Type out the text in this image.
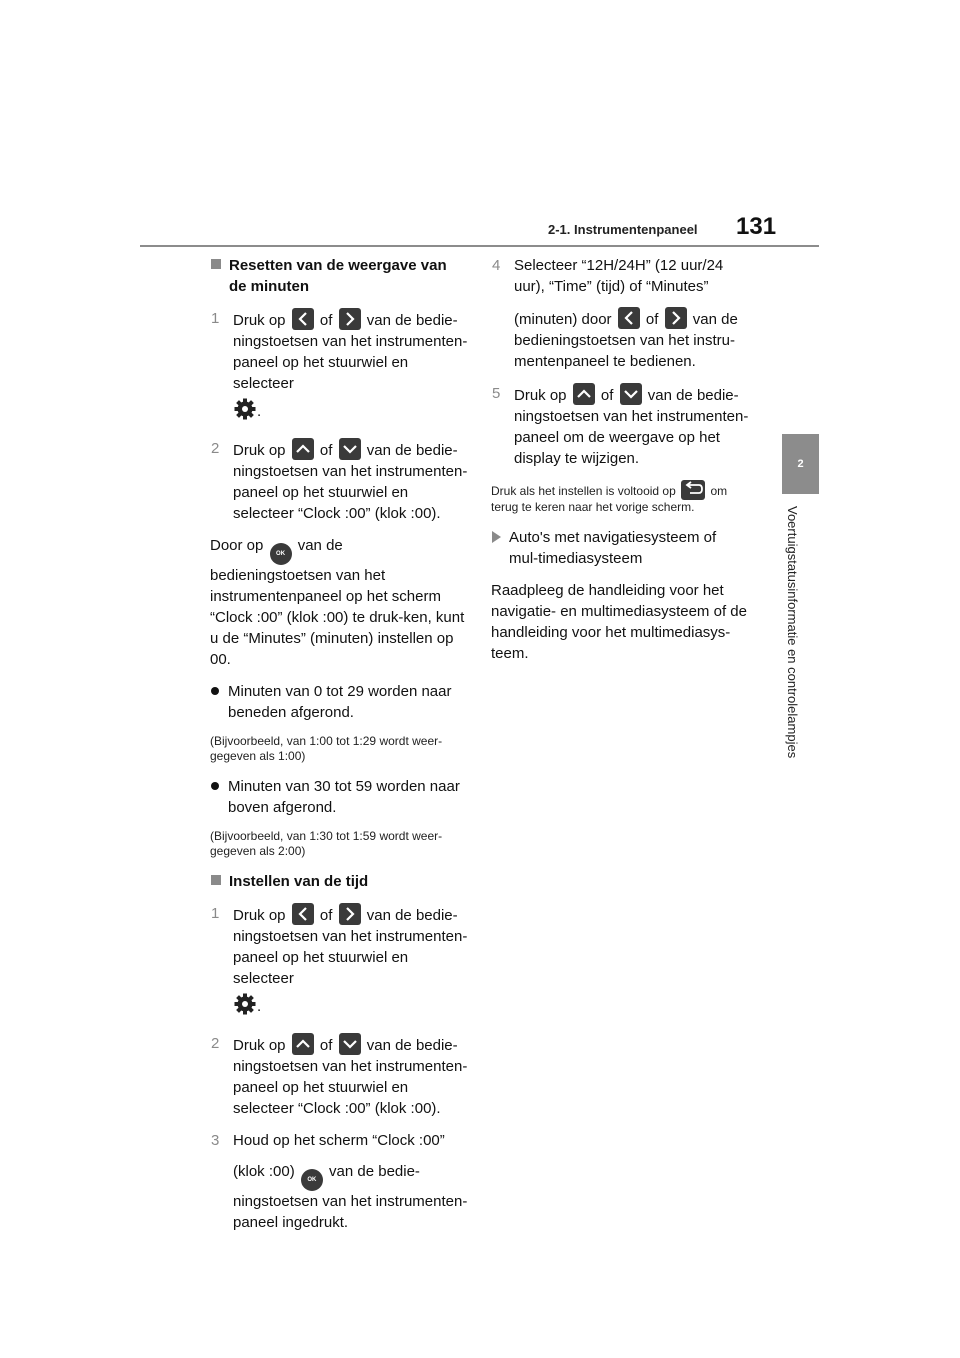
2-1. Instrumentenpaneel 131
2
Voertuigstatusinformatie en controlelampjes
Resetten van de weergave van de minuten
1 Druk op of van de bedie-ningstoetsen van het instrumenten-paneel op het stuurwiel en selecteer
.
2 Druk op of van de bedie-ningstoetsen van het instrumenten-paneel op het stuurwiel en selecteer “Clock :00” (klok :00).
Door op OK van de bedieningstoetsen van het instrumentenpaneel op het scherm “Clock :00” (klok :00) te druk-ken, kunt u de “Minutes” (minuten) instellen op 00.
Minuten van 0 tot 29 worden naar beneden afgerond.
(Bijvoorbeeld, van 1:00 tot 1:29 wordt weer-gegeven als 1:00)
Minuten van 30 tot 59 worden naar boven afgerond.
(Bijvoorbeeld, van 1:30 tot 1:59 wordt weer-gegeven als 2:00)
Instellen van de tijd
1 Druk op of van de bedie-ningstoetsen van het instrumenten-paneel op het stuurwiel en selecteer
.
2 Druk op of van de bedie-ningstoetsen van het instrumenten-paneel op het stuurwiel en selecteer “Clock :00” (klok :00).
3 Houd op het scherm “Clock :00”
(klok :00) OK van de bedie-ningstoetsen van het instrumenten-paneel ingedrukt.
4 Selecteer “12H/24H” (12 uur/24 uur), “Time” (tijd) of “Minutes”
(minuten) door of van de bedieningstoetsen van het instru-mentenpaneel te bedienen.
5 Druk op of van de bedie-ningstoetsen van het instrumenten-paneel om de weergave op het display te wijzigen.
Druk als het instellen is voltooid op	om terug te keren naar het vorige scherm.
Auto's met navigatiesysteem of mul-timediasysteem
Raadpleeg de handleiding voor het navigatie- en multimediasysteem of de handleiding voor het multimediasys-teem.
